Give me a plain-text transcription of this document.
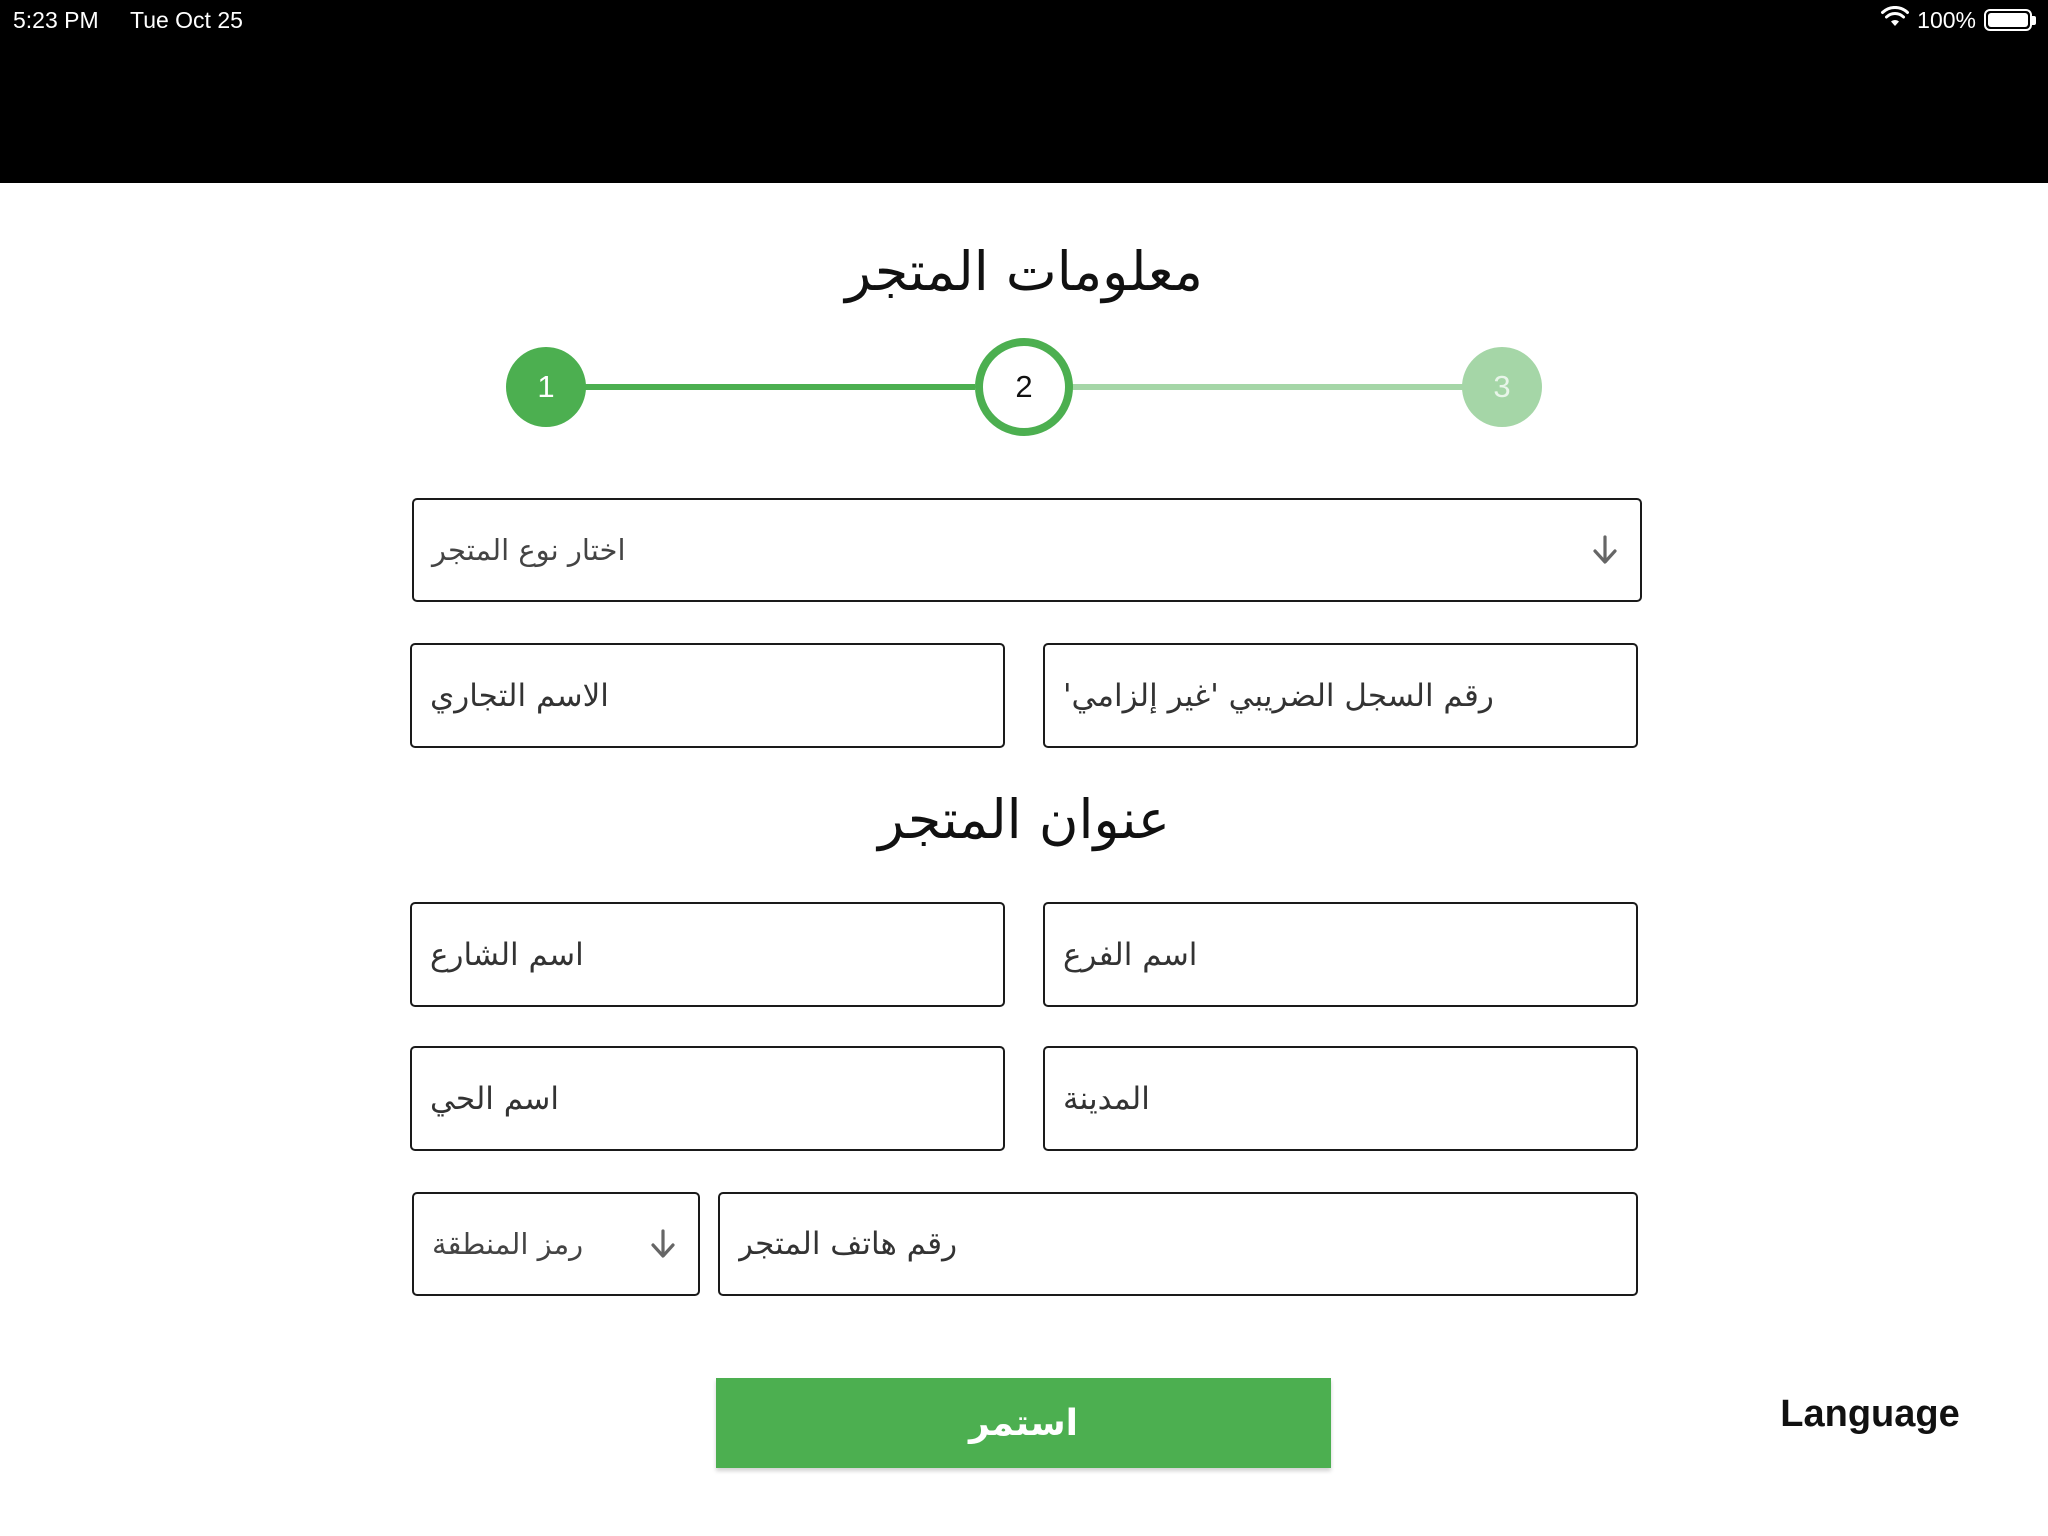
5:23 PM Tue Oct 25	100%
معلومات المتجر
1	2	3
اختار نوع المتجر
الاسم التجاري
رقم السجل الضريبي 'غير إلزامي'
عنوان المتجر
اسم الشارع
اسم الفرع
اسم الحي
المدينة
رمز المنطقة
رقم هاتف المتجر
استمر	Language
